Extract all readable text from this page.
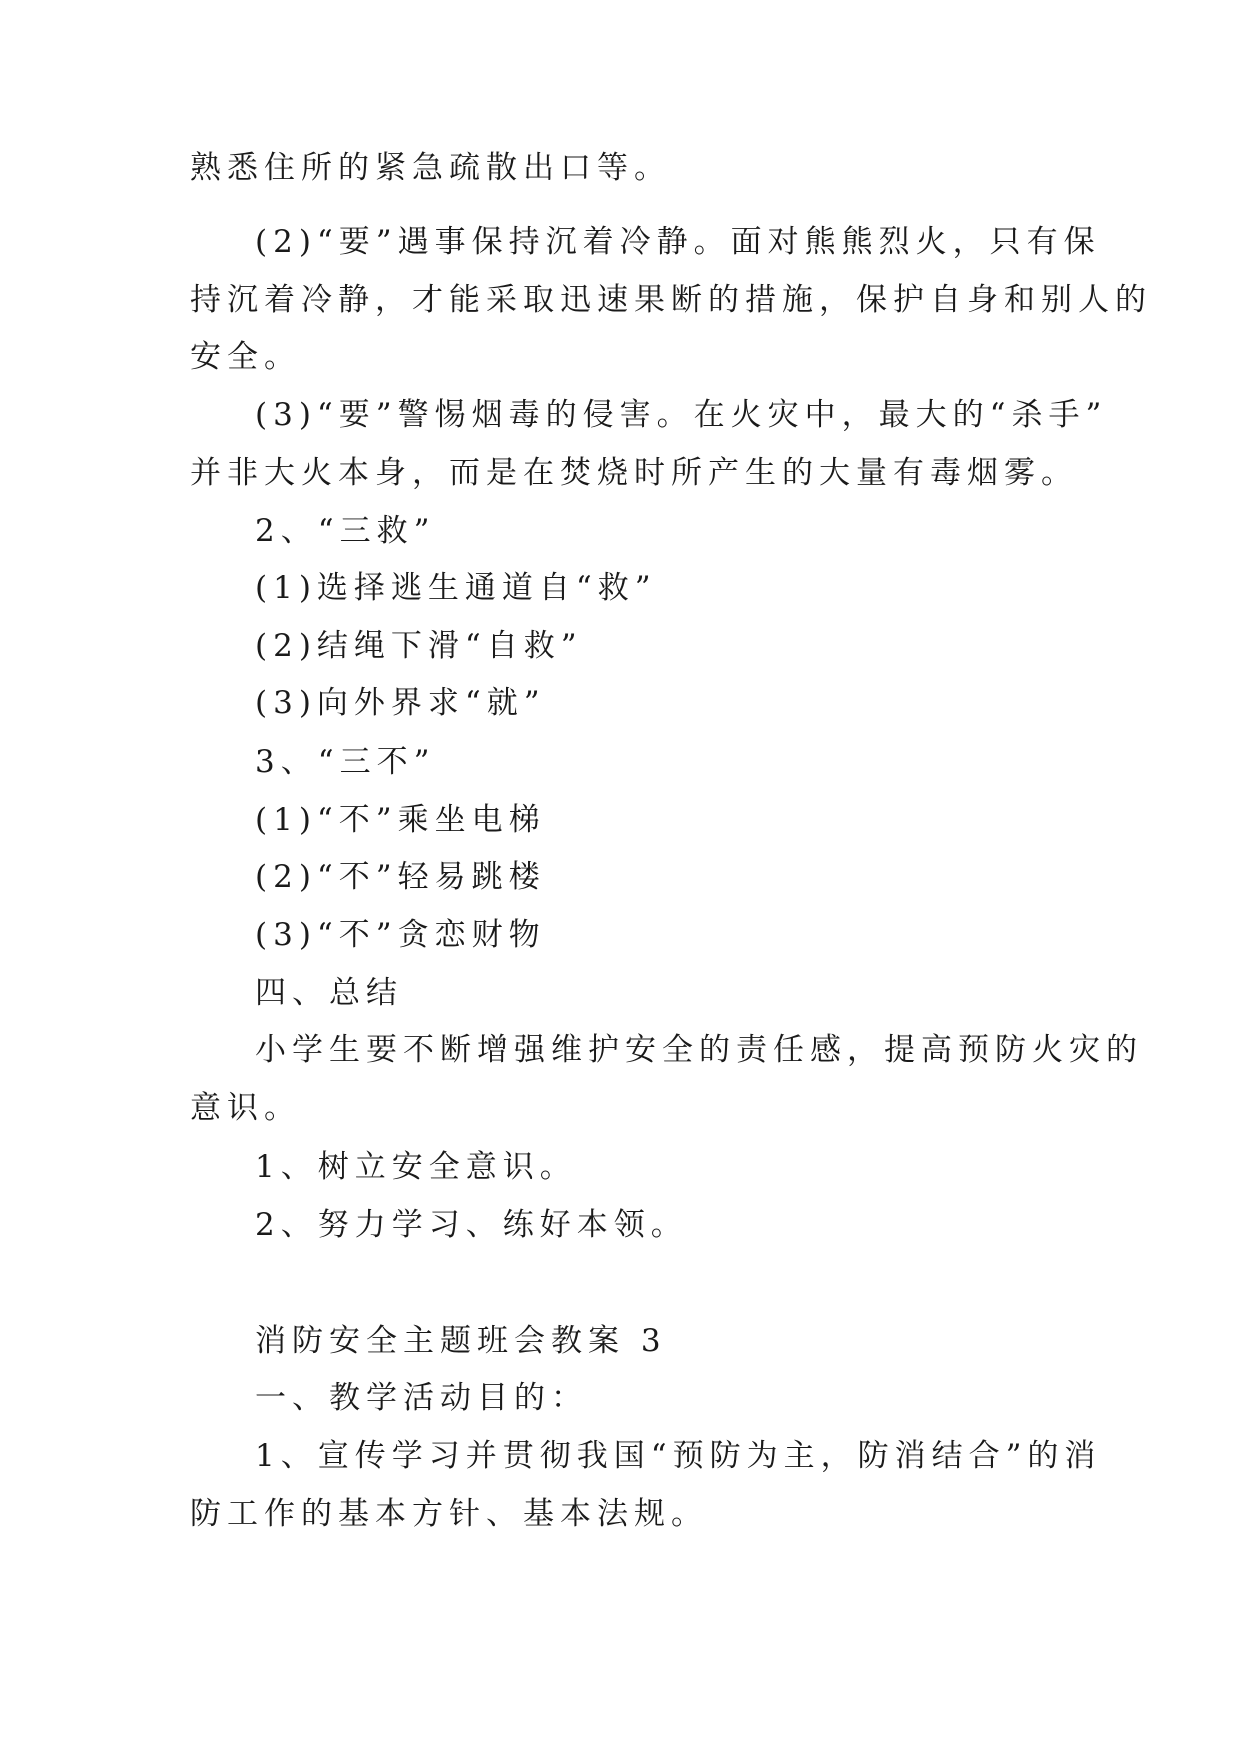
熟悉住所的紧急疏散出口等。
(2)“要”遇事保持沉着冷静。面对熊熊烈火，只有保
持沉着冷静，才能采取迅速果断的措施，保护自身和别人的
安全。
(3)“要”警惕烟毒的侵害。在火灾中，最大的“杀手”
并非大火本身，而是在焚烧时所产生的大量有毒烟雾。
2、“三救”
(1)选择逃生通道自“救”
(2)结绳下滑“自救”
(3)向外界求“就”
3、“三不”
(1)“不”乘坐电梯
(2)“不”轻易跳楼
(3)“不”贪恋财物
四、总结
小学生要不断增强维护安全的责任感，提高预防火灾的
意识。
1、树立安全意识。
2、努力学习、练好本领。
消防安全主题班会教案 3
一、教学活动目的：
1、宣传学习并贯彻我国“预防为主，防消结合”的消
防工作的基本方针、基本法规。
